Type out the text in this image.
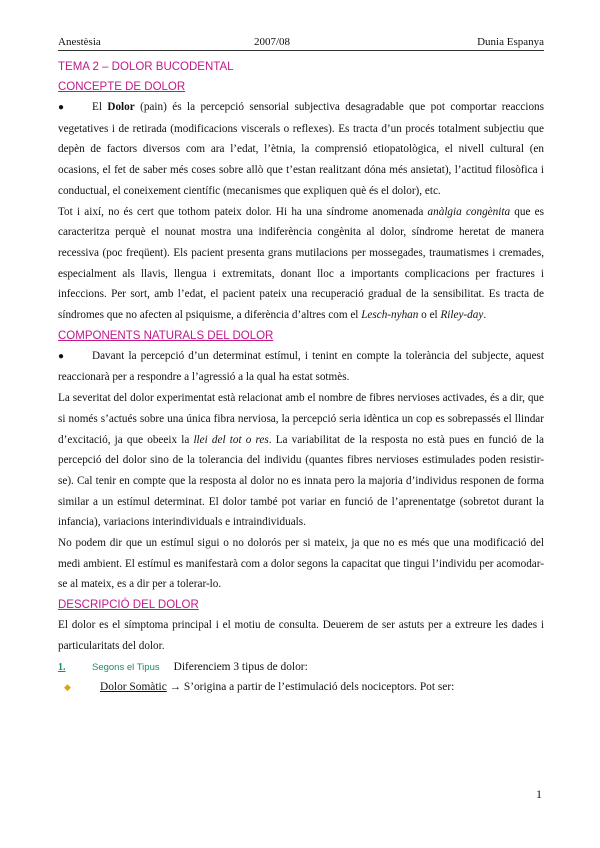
Anestèsia	2007/08	Dunia Espanya
TEMA 2 – DOLOR BUCODENTAL
CONCEPTE DE DOLOR

● El Dolor (pain) és la percepció sensorial subjectiva desagradable que pot comportar reaccions vegetatives i de retirada (modificacions viscerals o reflexes). Es tracta d’un procés totalment subjectiu que depèn de factors diversos com ara l’edat, l’ètnia, la comprensió etiopatològica, el nivell cultural (en ocasions, el fet de saber més coses sobre allò que t’estan realitzant dóna més ansietat), l’actitud filosòfica i conductual, el coneixement científic (mecanismes que expliquen què és el dolor), etc.

Tot i així, no és cert que tothom pateix dolor. Hi ha una síndrome anomenada anàlgia congènita que es caracteritza perquè el nounat mostra una indiferència congènita al dolor, síndrome heretat de manera recessiva (poc freqüent). Els pacient presenta grans mutilacions per mossegades, traumatismes i cremades, especialment als llavis, llengua i extremitats, donant lloc a importants complicacions per fractures i infeccions. Per sort, amb l’edat, el pacient pateix una recuperació gradual de la sensibilitat. Es tracta de síndromes que no afecten al psiquisme, a diferència d’altres com el Lesch-nyhan o el Riley-day.

COMPONENTS NATURALS DEL DOLOR

● Davant la percepció d’un determinat estímul, i tenint en compte la tolerància del subjecte, aquest reaccionarà per a respondre a l’agressió a la qual ha estat sotmès.

La severitat del dolor experimentat està relacionat amb el nombre de fibres nervioses activades, és a dir, que si només s’actués sobre una única fibra nerviosa, la percepció seria idèntica un cop es sobrepassés el llindar d’excitació, ja que obeeix la llei del tot o res. La variabilitat de la resposta no està pues en funció de la percepció del dolor sino de la tolerancia del individu (quantes fibres nervioses estimulades poden resistir-se). Cal tenir en compte que la resposta al dolor no es innata pero la majoria d’individus responen de forma similar a un estímul determinat. El dolor també pot variar en funció de l’aprenentatge (sobretot durant la infancia), variacions interindividuals e intraindividuals.

No podem dir que un estímul sigui o no dolorós per si mateix, ja que no es més que una modificació del medi ambient. El estímul es manifestarà com a dolor segons la capacitat que tingui l’individu per acomodar-se al mateix, es a dir per a tolerar-lo.

DESCRIPCIÓ DEL DOLOR

El dolor es el símptoma principal i el motiu de consulta. Deuerem de ser astuts per a extreure les dades i particularitats del dolor.

1.	Segons el Tipus Diferenciem 3 tipus de dolor:
◆	Dolor Somàtic → S’origina a partir de l’estimulació dels nociceptors. Pot ser:
1
